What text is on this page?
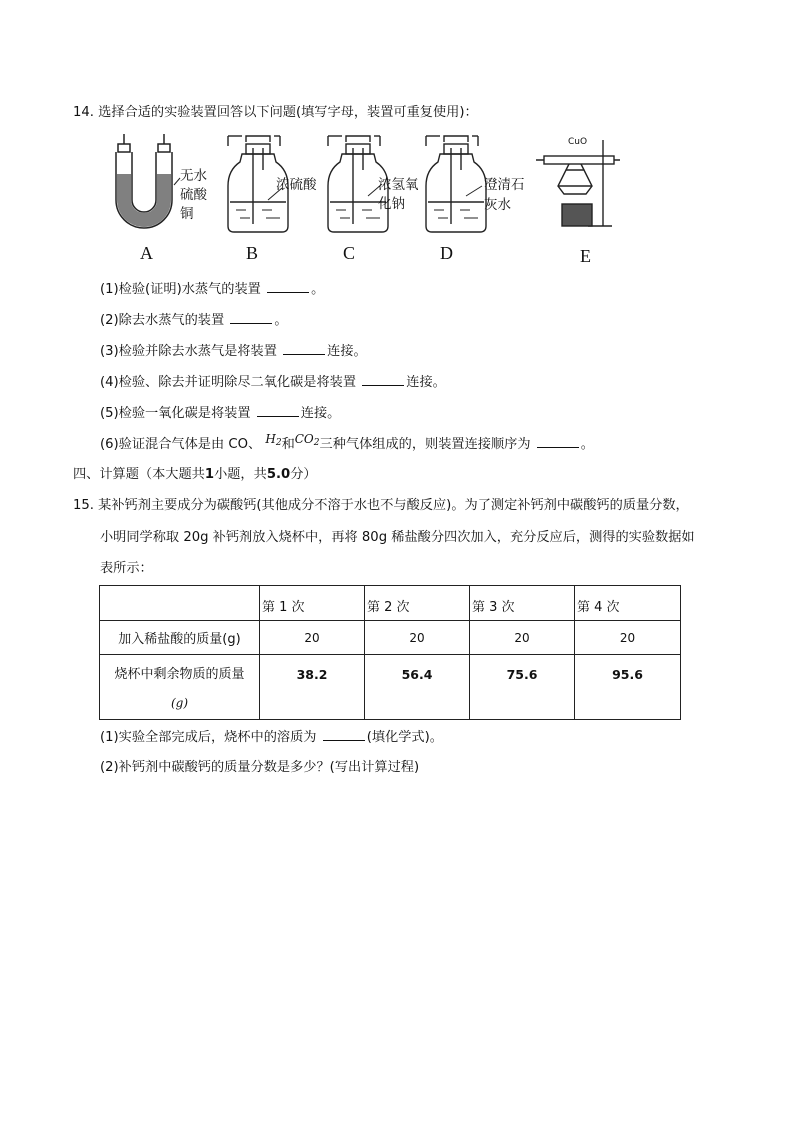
14. 选择合适的实验装置回答以下问题(填写字母，装置可重复使用)：
无水
硫酸
铜
浓硫酸	浓氢氧
化钠
澄清石
灰水
CuO
A	B	C	D	E
(1)检验(证明)水蒸气的装置	。
(2)除去水蒸气的装置	。
(3)检验并除去水蒸气是将装置	连接。
(4)检验、除去并证明除尽二氧化碳是将装置	连接。
(5)检验一氧化碳是将装置	连接。
(6)验证混合气体是由 CO、 $H_2$和$CO_2$三种气体组成的，则装置连接顺序为	。
四、计算题（本大题共1小题，共5.0分）
15. 某补钙剂主要成分为碳酸钙(其他成分不溶于水也不与酸反应)。为了测定补钙剂中碳酸钙的质量分数，
小明同学称取 20g 补钙剂放入烧杯中，再将 80g 稀盐酸分四次加入，充分反应后，测得的实验数据如
表所示：
	第 1 次	第 2 次	第 3 次	第 4 次
加入稀盐酸的质量(g)	20	20	20	20

烧杯中剩余物质的质量
(g)	38.2	56.4	75.6	95.6
(1)实验全部完成后，烧杯中的溶质为	(填化学式)。
(2)补钙剂中碳酸钙的质量分数是多少？(写出计算过程)
